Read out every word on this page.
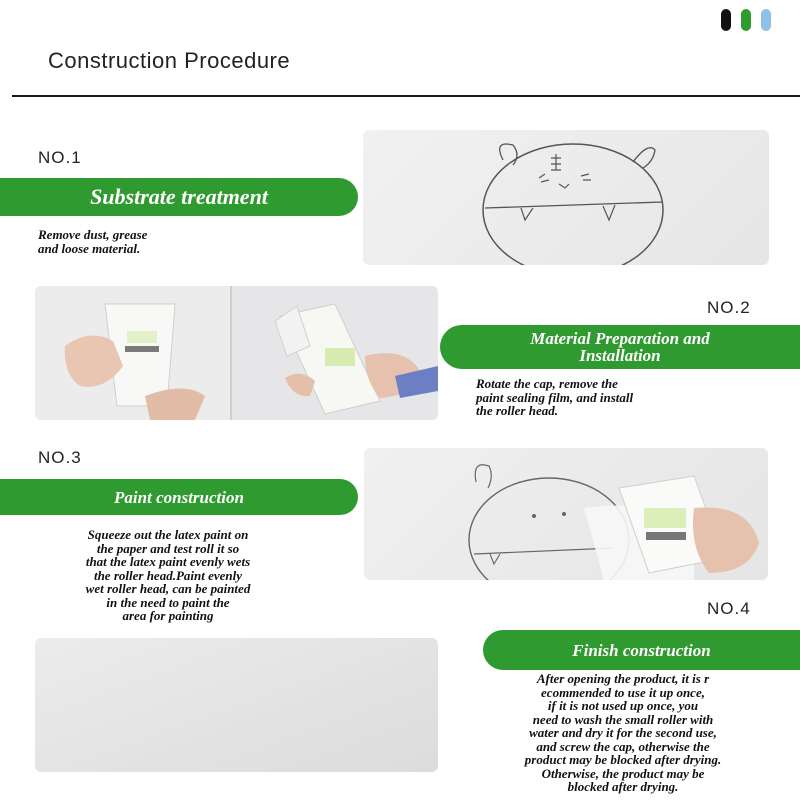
Construction Procedure
NO.1
Substrate treatment
Remove dust, grease
and loose material.
NO.2
Material Preparation and
Installation
Rotate the cap, remove the
paint sealing film, and install
the roller head.
NO.3
Paint construction
Squeeze out the latex paint on
the paper and test roll it so
that the latex paint evenly wets
the roller head.Paint evenly
wet roller head, can be painted
in the need to paint the
area for painting	NO.4
Finish construction
After opening the product, it is r
ecommended to use it up once,
if it is not used up once, you
need to wash the small roller with
water and dry it for the second use,
and screw the cap, otherwise the
product may be blocked after drying.
Otherwise, the product may be
blocked after drying.
